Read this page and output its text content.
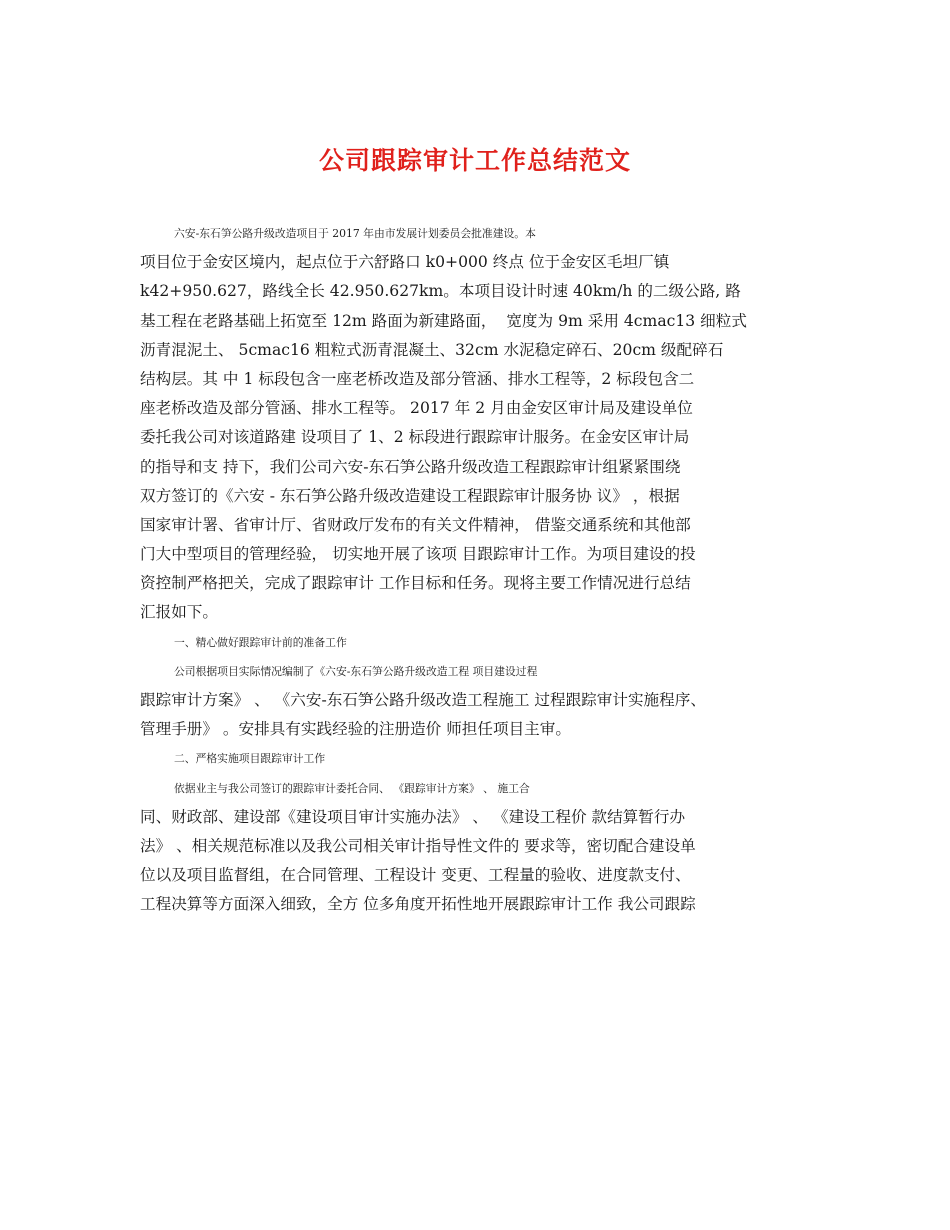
公司跟踪审计工作总结范文
六安-东石笋公路升级改造项目于 2017 年由市发展计划委员会批准建设。本
项目位于金安区境内，起点位于六舒路口 k0+000 终点 位于金安区毛坦厂镇
k42+950.627，路线全长 42.950.627km。本项目设计时速 40km/h 的二级公路, 路
基工程在老路基础上拓宽至 12m 路面为新建路面，  宽度为 9m 采用 4cmac13 细粒式
沥青混泥土、 5cmac16 粗粒式沥青混凝土、32cm 水泥稳定碎石、20cm 级配碎石
结构层。其 中 1 标段包含一座老桥改造及部分管涵、排水工程等，2 标段包含二
座老桥改造及部分管涵、排水工程等。 2017 年 2 月由金安区审计局及建设单位
委托我公司对该道路建 设项目了 1、2 标段进行跟踪审计服务。在金安区审计局
的指导和支 持下，我们公司六安-东石笋公路升级改造工程跟踪审计组紧紧围绕
双方签订的《六安 - 东石笋公路升级改造建设工程跟踪审计服务协 议》 ，根据
国家审计署、省审计厅、省财政厅发布的有关文件精神， 借鉴交通系统和其他部
门大中型项目的管理经验， 切实地开展了该项 目跟踪审计工作。为项目建设的投
资控制严格把关，完成了跟踪审计 工作目标和任务。现将主要工作情况进行总结
汇报如下。
一、精心做好跟踪审计前的准备工作
公司根据项目实际情况编制了《六安-东石笋公路升级改造工程 项目建设过程
跟踪审计方案》 、 《六安-东石笋公路升级改造工程施工 过程跟踪审计实施程序、
管理手册》 。安排具有实践经验的注册造价 师担任项目主审。
二、严格实施项目跟踪审计工作
依据业主与我公司签订的跟踪审计委托合同、 《跟踪审计方案》 、 施工合
同、财政部、建设部《建设项目审计实施办法》 、 《建设工程价 款结算暂行办
法》 、相关规范标准以及我公司相关审计指导性文件的 要求等，密切配合建设单
位以及项目监督组，在合同管理、工程设计 变更、工程量的验收、进度款支付、
工程决算等方面深入细致，全方 位多角度开拓性地开展跟踪审计工作 我公司跟踪
